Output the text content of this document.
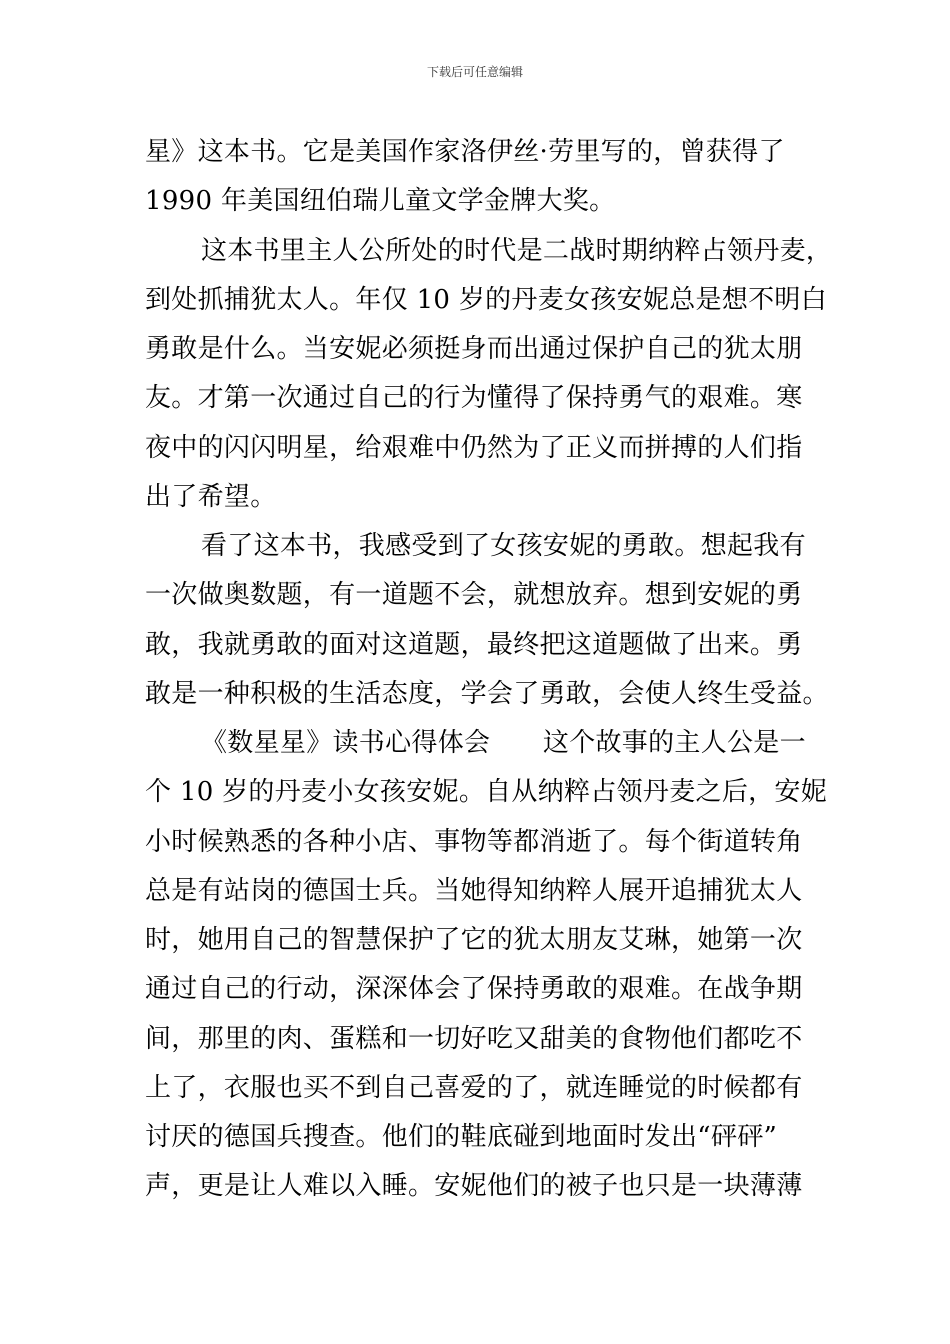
下载后可任意编辑
星》这本书。它是美国作家洛伊丝·劳里写的，曾获得了
1990 年美国纽伯瑞儿童文学金牌大奖。
这本书里主人公所处的时代是二战时期纳粹占领丹麦，
到处抓捕犹太人。年仅 10 岁的丹麦女孩安妮总是想不明白
勇敢是什么。当安妮必须挺身而出通过保护自己的犹太朋
友。才第一次通过自己的行为懂得了保持勇气的艰难。寒
夜中的闪闪明星，给艰难中仍然为了正义而拼搏的人们指
出了希望。
看了这本书，我感受到了女孩安妮的勇敢。想起我有
一次做奥数题，有一道题不会，就想放弃。想到安妮的勇
敢，我就勇敢的面对这道题，最终把这道题做了出来。勇
敢是一种积极的生活态度，学会了勇敢，会使人终生受益。
《数星星》读书心得体会　　这个故事的主人公是一
个 10 岁的丹麦小女孩安妮。自从纳粹占领丹麦之后，安妮
小时候熟悉的各种小店、事物等都消逝了。每个街道转角
总是有站岗的德国士兵。当她得知纳粹人展开追捕犹太人
时，她用自己的智慧保护了它的犹太朋友艾琳，她第一次
通过自己的行动，深深体会了保持勇敢的艰难。在战争期
间，那里的肉、蛋糕和一切好吃又甜美的食物他们都吃不
上了，衣服也买不到自己喜爱的了，就连睡觉的时候都有
讨厌的德国兵搜查。他们的鞋底碰到地面时发出“砰砰”
声，更是让人难以入睡。安妮他们的被子也只是一块薄薄
